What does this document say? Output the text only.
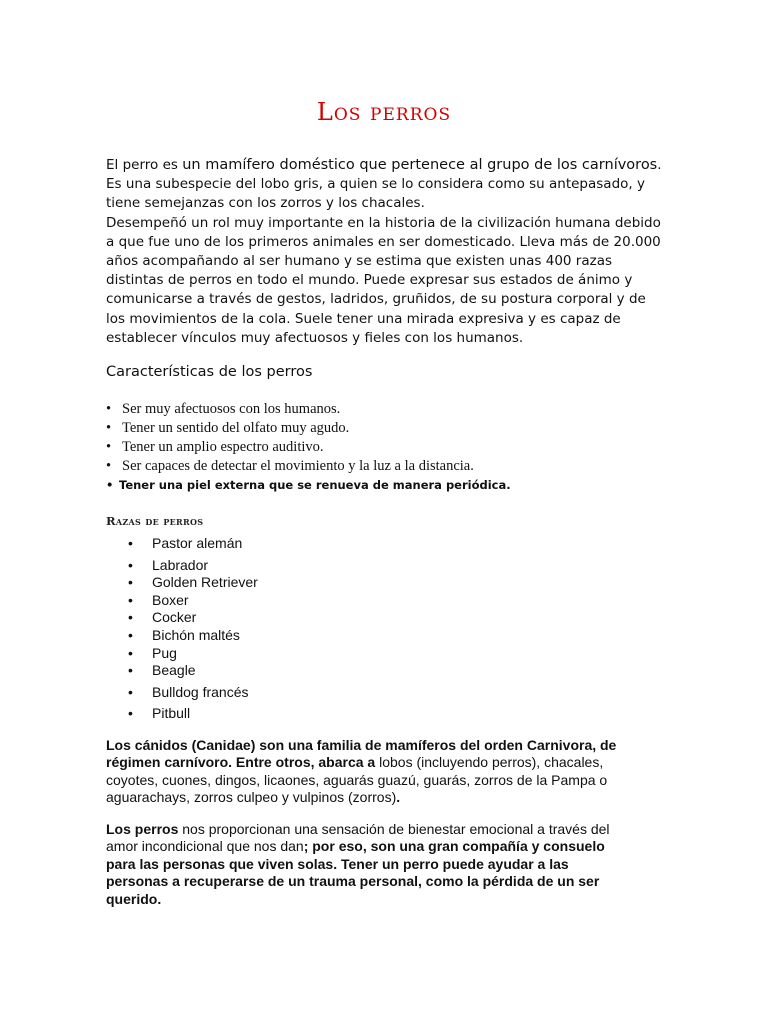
Los perros

El perro es un mamífero doméstico que pertenece al grupo de los carnívoros. Es una subespecie del lobo gris, a quien se lo considera como su antepasado, y tiene semejanzas con los zorros y los chacales.

Desempeñó un rol muy importante en la historia de la civilización humana debido a que fue uno de los primeros animales en ser domesticado. Lleva más de 20.000 años acompañando al ser humano y se estima que existen unas 400 razas distintas de perros en todo el mundo. Puede expresar sus estados de ánimo y comunicarse a través de gestos, ladridos, gruñidos, de su postura corporal y de los movimientos de la cola. Suele tener una mirada expresiva y es capaz de establecer vínculos muy afectuosos y fieles con los humanos.

Características de los perros
• Ser muy afectuosos con los humanos.
• Tener un sentido del olfato muy agudo.
• Tener un amplio espectro auditivo.
• Ser capaces de detectar el movimiento y la luz a la distancia.
• Tener una piel externa que se renueva de manera periódica.
Razas de perros
• Pastor alemán
• Labrador
• Golden Retriever
• Boxer
• Cocker
• Bichón maltés
• Pug
• Beagle
• Bulldog francés
• Pitbull

Los cánidos (Canidae) son una familia de mamíferos del orden Carnivora, de régimen carnívoro. Entre otros, abarca a lobos (incluyendo perros), chacales, coyotes, cuones, dingos, licaones, aguarás guazú, guarás, zorros de la Pampa o aguarachays, zorros culpeo y vulpinos (zorros).

Los perros nos proporcionan una sensación de bienestar emocional a través del amor incondicional que nos dan; por eso, son una gran compañía y consuelo para las personas que viven solas. Tener un perro puede ayudar a las personas a recuperarse de un trauma personal, como la pérdida de un ser querido.
